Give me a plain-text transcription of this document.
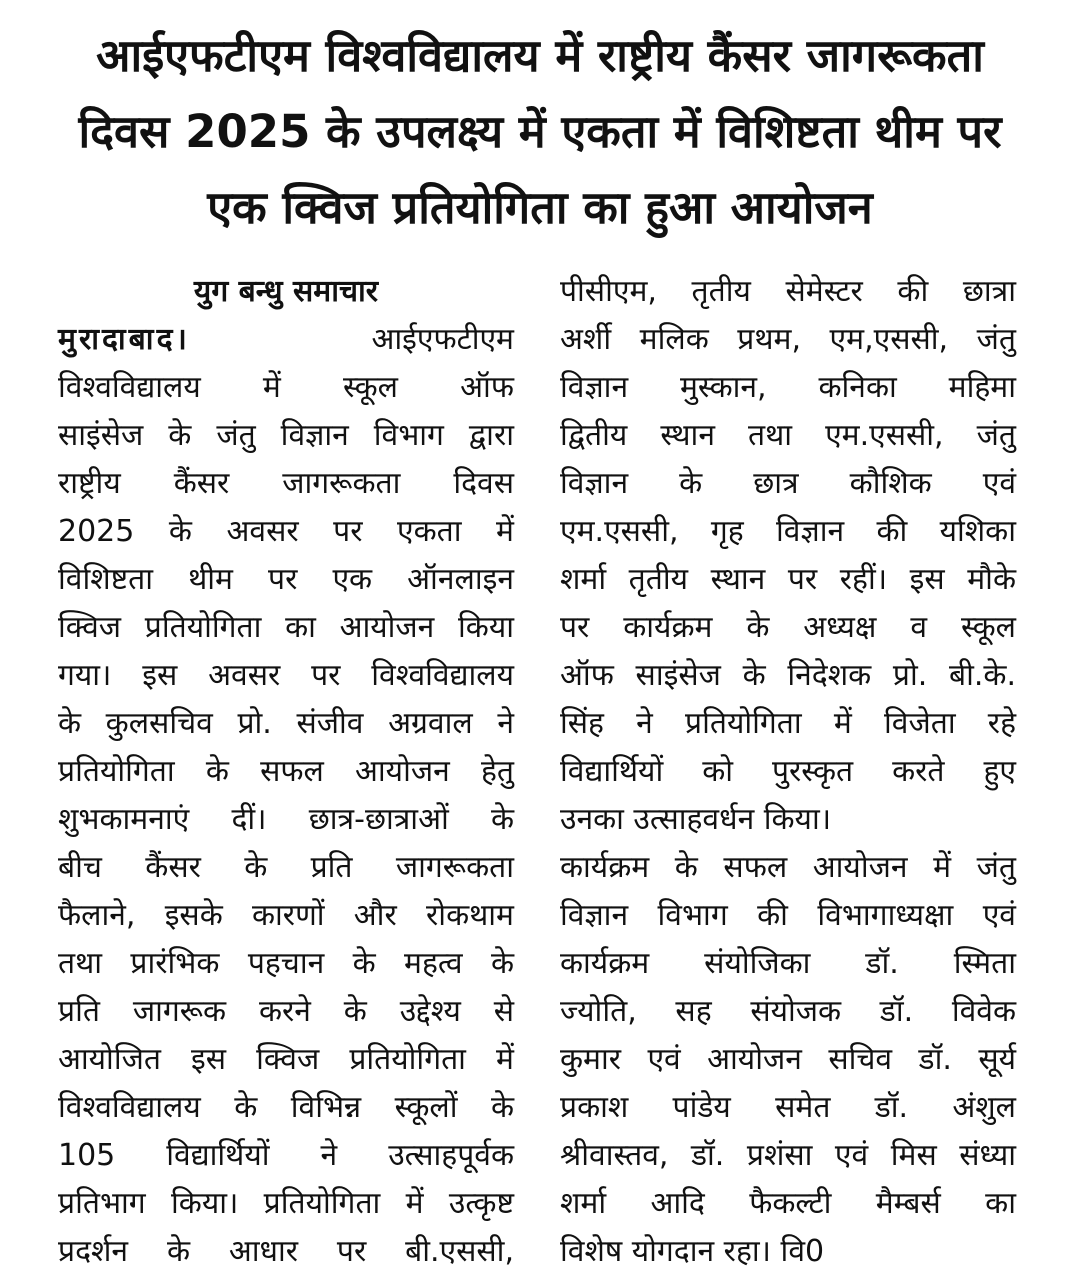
आईएफटीएम विश्वविद्यालय में राष्ट्रीय कैंसर जागरूकता
दिवस 2025 के उपलक्ष्य में एकता में विशिष्टता थीम पर
एक क्विज प्रतियोगिता का हुआ आयोजन
युग बन्धु समाचार
मुरादाबाद।	आईएफटीएम
विश्वविद्यालय में स्कूल ऑफ
साइंसेज के जंतु विज्ञान विभाग द्वारा
राष्ट्रीय कैंसर जागरूकता दिवस
2025 के अवसर पर एकता में
विशिष्टता थीम पर एक ऑनलाइन
क्विज प्रतियोगिता का आयोजन किया
गया। इस अवसर पर विश्वविद्यालय
के कुलसचिव प्रो. संजीव अग्रवाल ने
प्रतियोगिता के सफल आयोजन हेतु
शुभकामनाएं दीं। छात्र-छात्राओं के
बीच कैंसर के प्रति जागरूकता
फैलाने, इसके कारणों और रोकथाम
तथा प्रारंभिक पहचान के महत्व के
प्रति जागरूक करने के उद्देश्य से
आयोजित इस क्विज प्रतियोगिता में
विश्वविद्यालय के विभिन्न स्कूलों के
105 विद्यार्थियों ने उत्साहपूर्वक
प्रतिभाग किया। प्रतियोगिता में उत्कृष्ट
प्रदर्शन के आधार पर बी.एससी,
पीसीएम, तृतीय सेमेस्टर की छात्रा
अर्शी मलिक प्रथम, एम,एससी, जंतु
विज्ञान मुस्कान, कनिका महिमा
द्वितीय स्थान तथा एम.एससी, जंतु
विज्ञान के छात्र कौशिक एवं
एम.एससी, गृह विज्ञान की यशिका
शर्मा तृतीय स्थान पर रहीं। इस मौके
पर कार्यक्रम के अध्यक्ष व स्कूल
ऑफ साइंसेज के निदेशक प्रो. बी.के.
सिंह ने प्रतियोगिता में विजेता रहे
विद्यार्थियों को पुरस्कृत करते हुए
उनका उत्साहवर्धन किया।
कार्यक्रम के सफल आयोजन में जंतु
विज्ञान विभाग की विभागाध्यक्षा एवं
कार्यक्रम संयोजिका डॉ. स्मिता
ज्योति, सह संयोजक डॉ. विवेक
कुमार एवं आयोजन सचिव डॉ. सूर्य
प्रकाश पांडेय समेत डॉ. अंशुल
श्रीवास्तव, डॉ. प्रशंसा एवं मिस संध्या
शर्मा आदि फैकल्टी मैम्बर्स का
विशेष योगदान रहा। वि0
